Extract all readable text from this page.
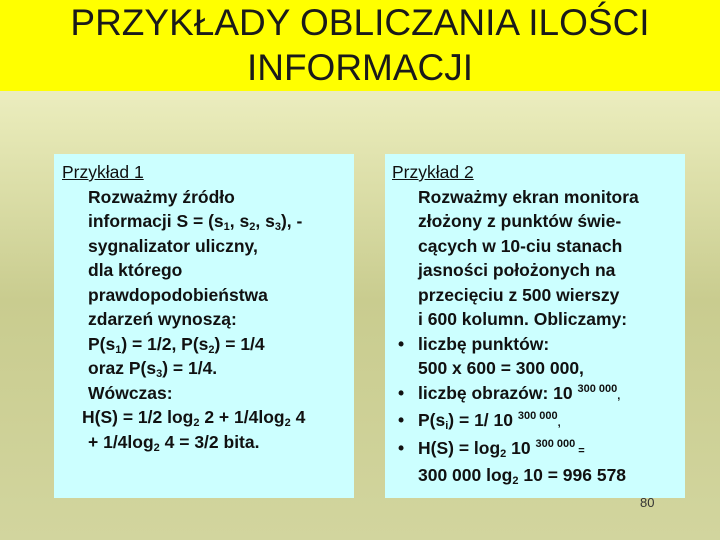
PRZYKŁADY OBLICZANIA ILOŚCI
INFORMACJI
Przykład 1
Rozważmy źródło
informacji $S = (s_1$, $s_2$, $s_3$), -
sygnalizator uliczny,
dla którego
prawdopodobieństwa
zdarzeń wynoszą:
$P(s_1) = 1/2$, $P(s_2) = 1/4$
oraz $P(s_3) = 1/4$.
Wówczas:
H(S) = 1/2 $\log_2 2 + 1/4\log_2$ 4
+ $1/4\log_2$ 4 = 3/2 bita.
Przykład 2
Rozważmy ekran monitora
złożony z punktów świe-
cących w 10-ciu stanach
jasności położonych na
przecięciu z 500 wierszy
i 600 kolumn. Obliczamy:
• liczbę punktów:
500 x 600 = 300 000,
• liczbę obrazów: 10 $^{300 000}$,
• $P(s_i) = 1/$ 10 $^{300 000}$,
• $H(S) = \log_2 10$ $^{300 000}$ =
300 000 $\log_2 10 = 996$ 578
80
